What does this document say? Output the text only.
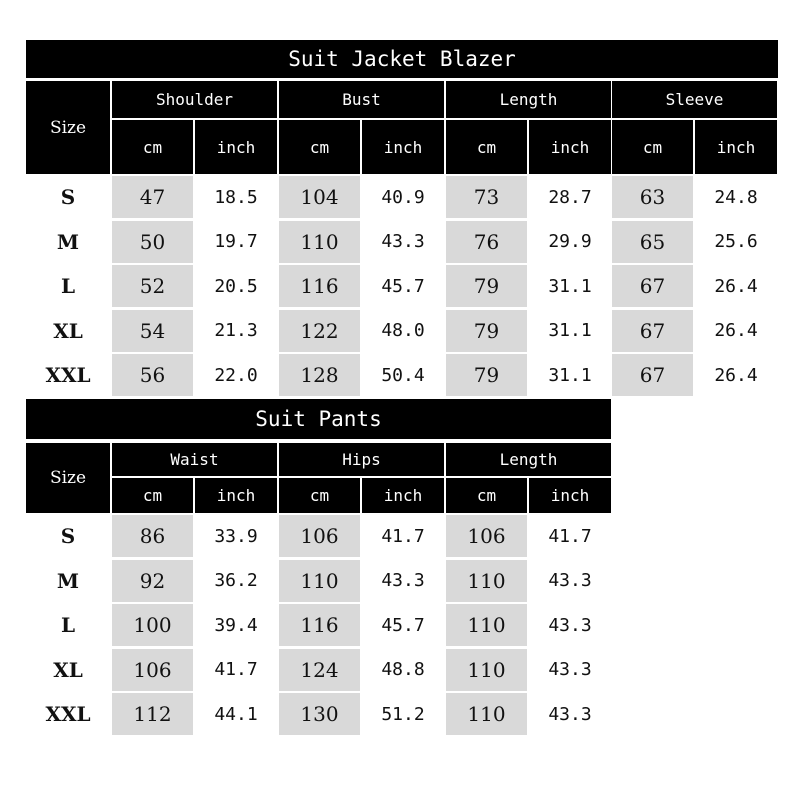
Suit Jacket Blazer
Size
Shoulder	Bust	Length	Sleeve
cm	inch	cm	inch	cm	inch	cm	inch
S	47	18.5	104	40.9	73	28.7	63	24.8
M	50	19.7	110	43.3	76	29.9	65	25.6
L	52	20.5	116	45.7	79	31.1	67	26.4
XL	54	21.3	122	48.0	79	31.1	67	26.4
XXL	56	22.0	128	50.4	79	31.1	67	26.4
Suit Pants
Size
Waist	Hips	Length
cm	inch	cm	inch	cm	inch
S	86	33.9	106	41.7	106	41.7
M	92	36.2	110	43.3	110	43.3
L	100	39.4	116	45.7	110	43.3
XL	106	41.7	124	48.8	110	43.3
XXL	112	44.1	130	51.2	110	43.3
